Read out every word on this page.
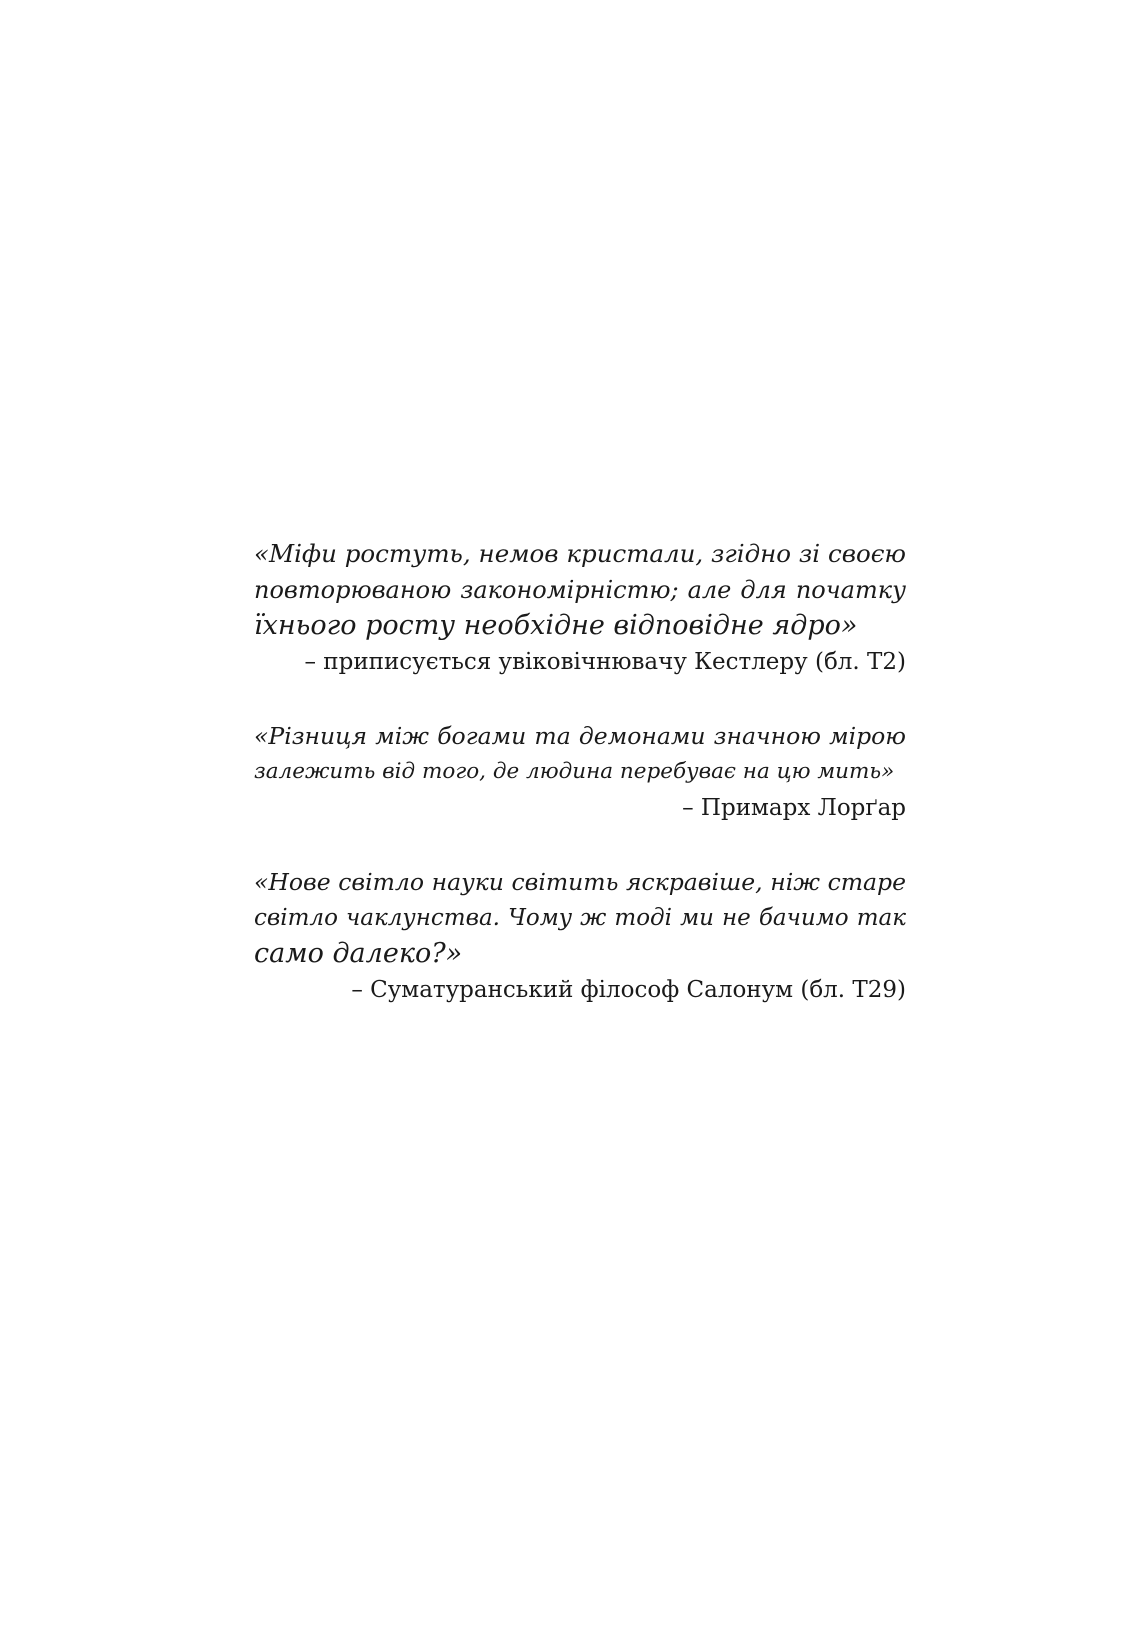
«Міфи ростуть, немов кристали, згідно зі своєю
повторюваною закономірністю; але для початку
їхнього росту необхідне відповідне ядро»
– приписується увіковічнювачу Кестлеру (бл. Т2)
«Різниця між богами та демонами значною мірою
залежить від того, де людина перебуває на цю мить»
– Примарх Лорґар
«Нове світло науки світить яскравіше, ніж старе
світло чаклунства. Чому ж тоді ми не бачимо так
само далеко?»
– Суматуранський філософ Салонум (бл. Т29)
